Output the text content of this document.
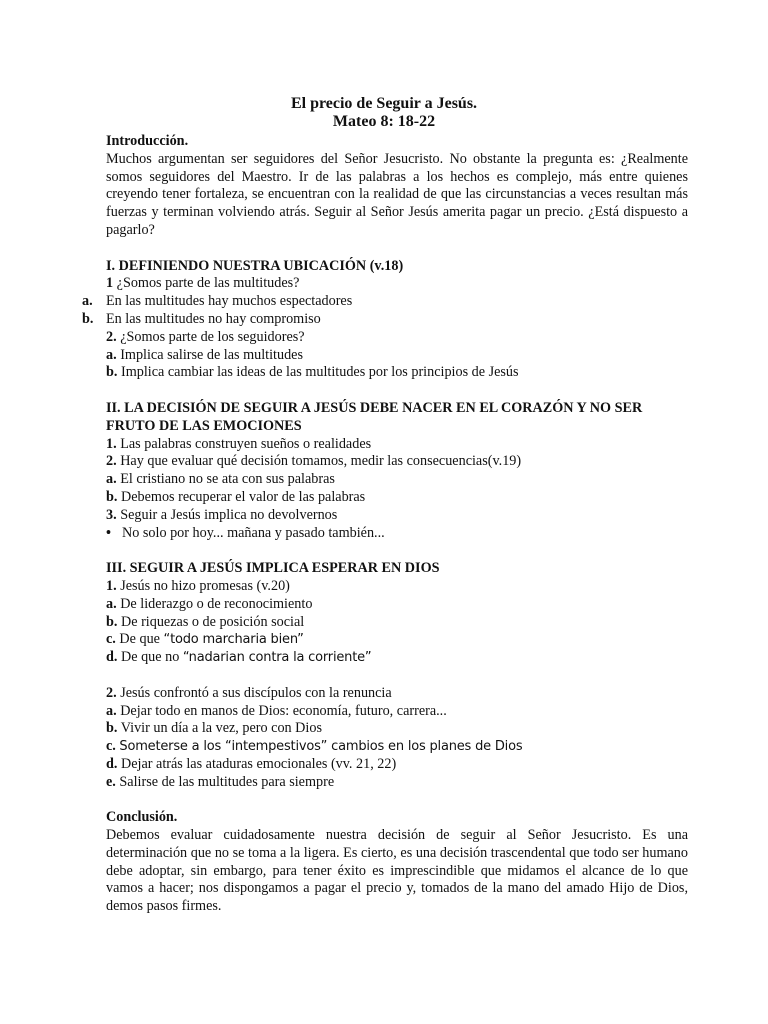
El precio de Seguir a Jesús.
Mateo 8: 18-22

Introducción.

Muchos argumentan ser seguidores del Señor Jesucristo. No obstante la pregunta es: ¿Realmente somos seguidores del Maestro. Ir de las palabras a los hechos es complejo, más entre quienes creyendo tener fortaleza, se encuentran con la realidad de que las circunstancias a veces resultan más fuerzas y terminan volviendo atrás. Seguir al Señor Jesús amerita pagar un precio. ¿Está dispuesto a pagarlo?

I. DEFINIENDO NUESTRA UBICACIÓN (v.18)

1 ¿Somos parte de las multitudes?

a. En las multitudes hay muchos espectadores

b. En las multitudes no hay compromiso

2. ¿Somos parte de los seguidores?

a. Implica salirse de las multitudes

b. Implica cambiar las ideas de las multitudes por los principios de Jesús

II. LA DECISIÓN DE SEGUIR A JESÚS DEBE NACER EN EL CORAZÓN Y NO SER FRUTO DE LAS EMOCIONES

1. Las palabras construyen sueños o realidades

2. Hay que evaluar qué decisión tomamos, medir las consecuencias(v.19)

a. El cristiano no se ata con sus palabras

b. Debemos recuperar el valor de las palabras

3. Seguir a Jesús implica no devolvernos

• No solo por hoy... mañana y pasado también...

III. SEGUIR A JESÚS IMPLICA ESPERAR EN DIOS

1. Jesús no hizo promesas (v.20)

a. De liderazgo o de reconocimiento

b. De riquezas o de posición social

c. De que “todo marcharia bien”

d. De que no “nadarian contra la corriente”

2. Jesús confrontó a sus discípulos con la renuncia

a. Dejar todo en manos de Dios: economía, futuro, carrera...

b. Vivir un día a la vez, pero con Dios

c. Someterse a los “intempestivos” cambios en los planes de Dios

d. Dejar atrás las ataduras emocionales (vv. 21, 22)

e. Salirse de las multitudes para siempre

Conclusión.

Debemos evaluar cuidadosamente nuestra decisión de seguir al Señor Jesucristo. Es una determinación que no se toma a la ligera. Es cierto, es una decisión trascendental que todo ser humano debe adoptar, sin embargo, para tener éxito es imprescindible que midamos el alcance de lo que vamos a hacer; nos dispongamos a pagar el precio y, tomados de la mano del amado Hijo de Dios, demos pasos firmes.
